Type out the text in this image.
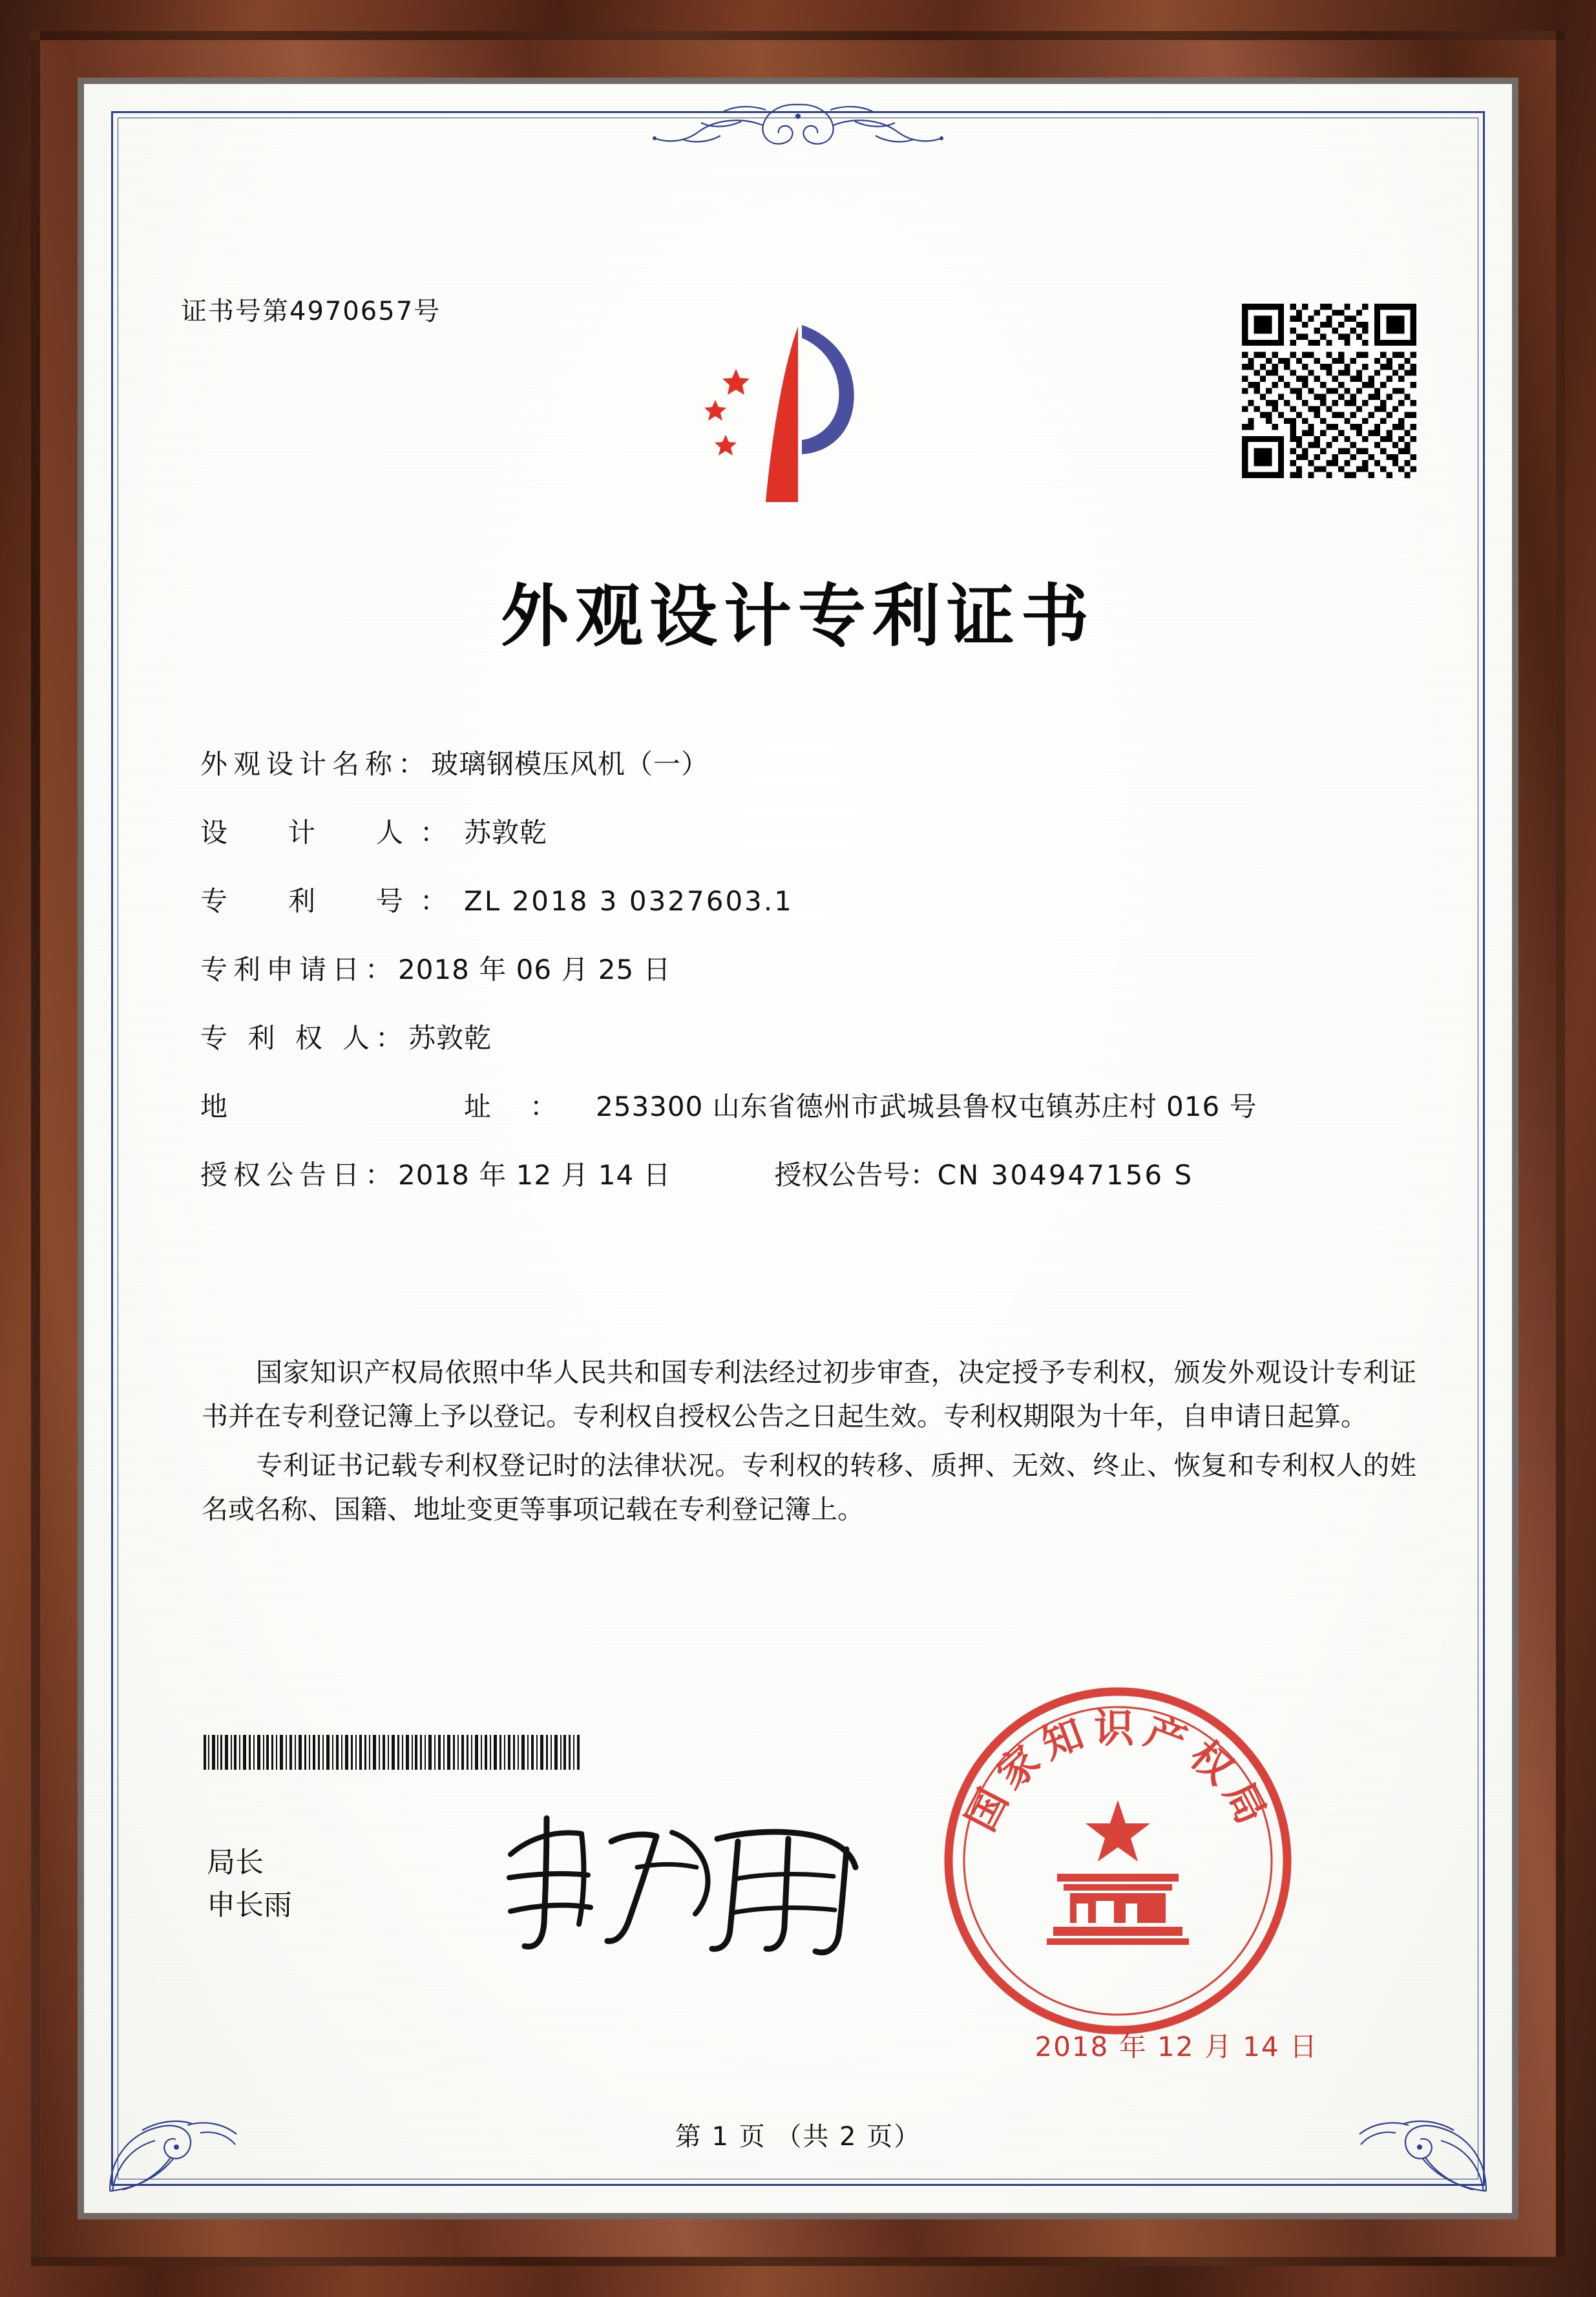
证书号第4970657号
外观设计专利证书
外观设计名称： 玻璃钢模压风机（一）
设　计　人： 苏敦乾
专　利　号： ZL 2018 3 0327603.1
专利申请日： 2018 年 06 月 25 日
专 利 权 人： 苏敦乾
地　　　址： 253300 山东省德州市武城县鲁权屯镇苏庄村 016 号
授权公告日： 2018 年 12 月 14 日	授权公告号： CN 304947156 S

国家知识产权局依照中华人民共和国专利法经过初步审查，决定授予专利权，颁发外观设计专利证书并在专利登记簿上予以登记。专利权自授权公告之日起生效。专利权期限为十年，自申请日起算。

专利证书记载专利权登记时的法律状况。专利权的转移、质押、无效、终止、恢复和专利权人的姓名或名称、国籍、地址变更等事项记载在专利登记簿上。

局长
申长雨
国家知识产权局
2018 年 12 月 14 日
第 1 页 （共 2 页）
